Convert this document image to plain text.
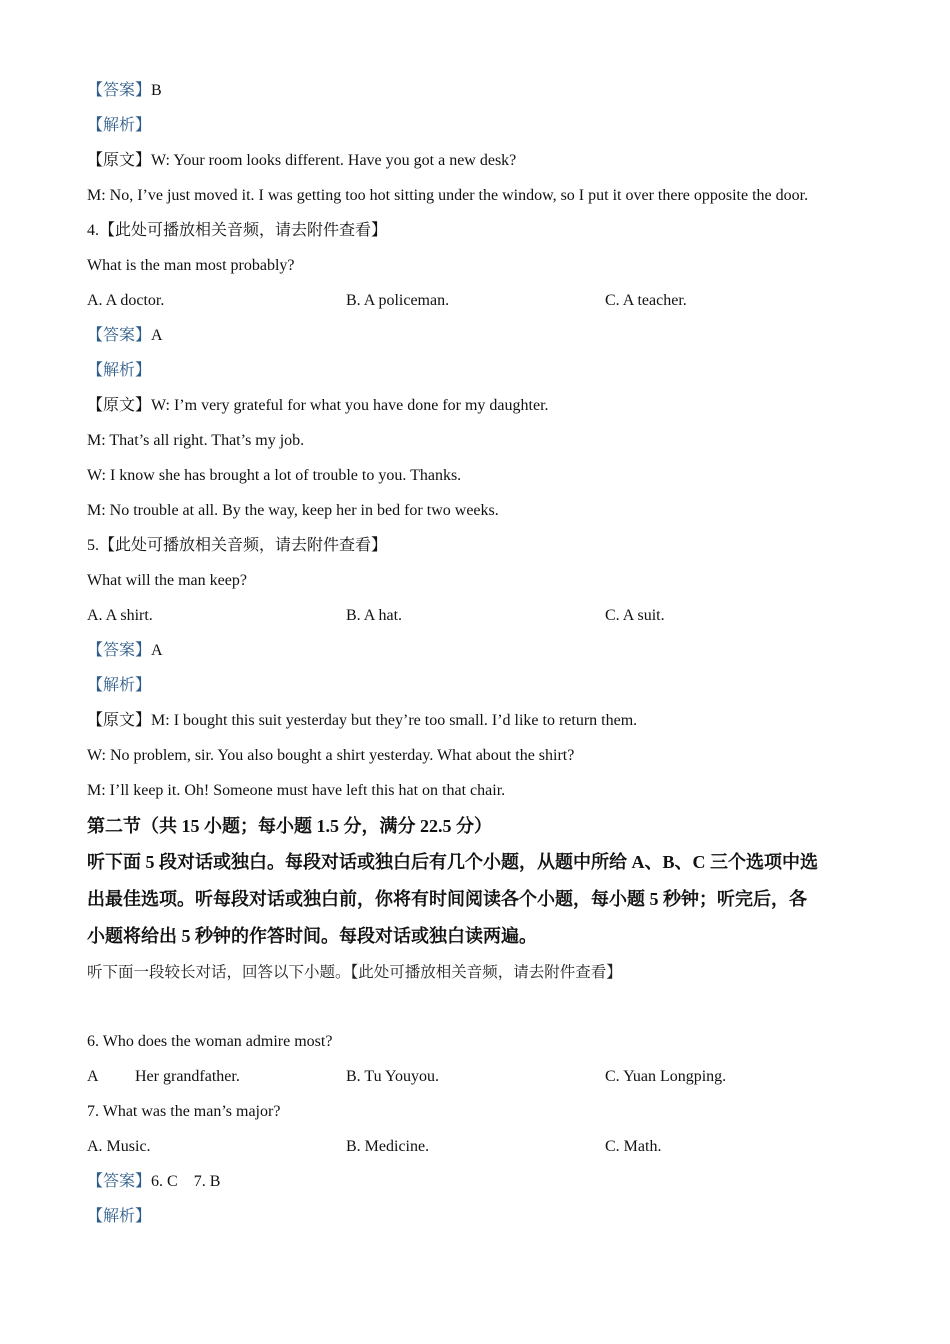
【答案】B
【解析】
【原文】W: Your room looks different. Have you got a new desk?
M: No, I’ve just moved it. I was getting too hot sitting under the window, so I put it over there opposite the door.
4.【此处可播放相关音频，请去附件查看】
What is the man most probably?
A. A doctor.	B. A policeman.	C. A teacher.
【答案】A
【解析】
【原文】W: I’m very grateful for what you have done for my daughter.
M: That’s all right. That’s my job.
W: I know she has brought a lot of trouble to you. Thanks.
M: No trouble at all. By the way, keep her in bed for two weeks.
5.【此处可播放相关音频，请去附件查看】
What will the man keep?
A. A shirt.	B. A hat.	C. A suit.
【答案】A
【解析】
【原文】M: I bought this suit yesterday but they’re too small. I’d like to return them.
W: No problem, sir. You also bought a shirt yesterday. What about the shirt?
M: I’ll keep it. Oh! Someone must have left this hat on that chair.
第二节（共 15 小题；每小题 1.5 分，满分 22.5 分）
听下面 5 段对话或独白。每段对话或独白后有几个小题，从题中所给 A、B、C 三个选项中选
出最佳选项。听每段对话或独白前，你将有时间阅读各个小题，每小题 5 秒钟；听完后，各
小题将给出 5 秒钟的作答时间。每段对话或独白读两遍。
听下面一段较长对话，回答以下小题。【此处可播放相关音频，请去附件查看】
6. Who does the woman admire most?
A Her grandfather.	B. Tu Youyou.	C. Yuan Longping.
7. What was the man’s major?
A. Music.	B. Medicine.	C. Math.
【答案】6. C    7. B
【解析】
